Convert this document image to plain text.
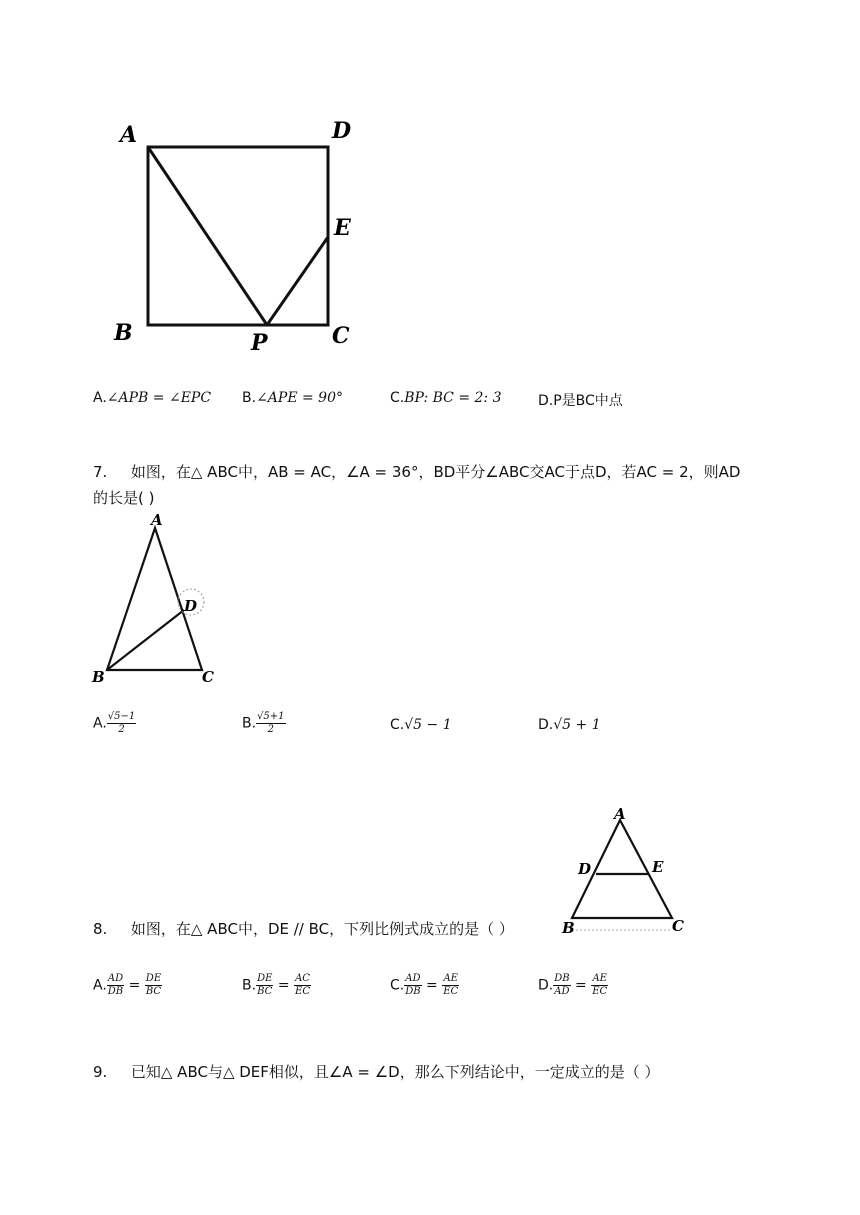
A	D
E
B	P	C
A.∠APB = ∠EPC B.∠APE = 90°	C.BP: BC = 2: 3	D.P是BC中点
7. 如图，在△ ABC中，AB = AC，∠A = 36°，BD平分∠ABC交AC于点D，若AC = 2，则AD
的长是( )
A
D
B	C
A. $\frac{√5-1}{2}$	B. $\frac{√5+1}{2}$	C.√5 − 1	D.√5 + 1
A
D	E
B	C
8. 如图，在△ ABC中，DE // BC，下列比例式成立的是（ ）
A. $\frac{AD}{DB} = \frac{DE}{BC}$	B. $\frac{DE}{BC} = \frac{AC}{EC}$	C. $\frac{AD}{DB} = \frac{AE}{EC}$	D. $\frac{DB}{AD} = \frac{AE}{EC}$
9. 已知△ ABC与△ DEF相似，且∠A = ∠D，那么下列结论中，一定成立的是（ ）
